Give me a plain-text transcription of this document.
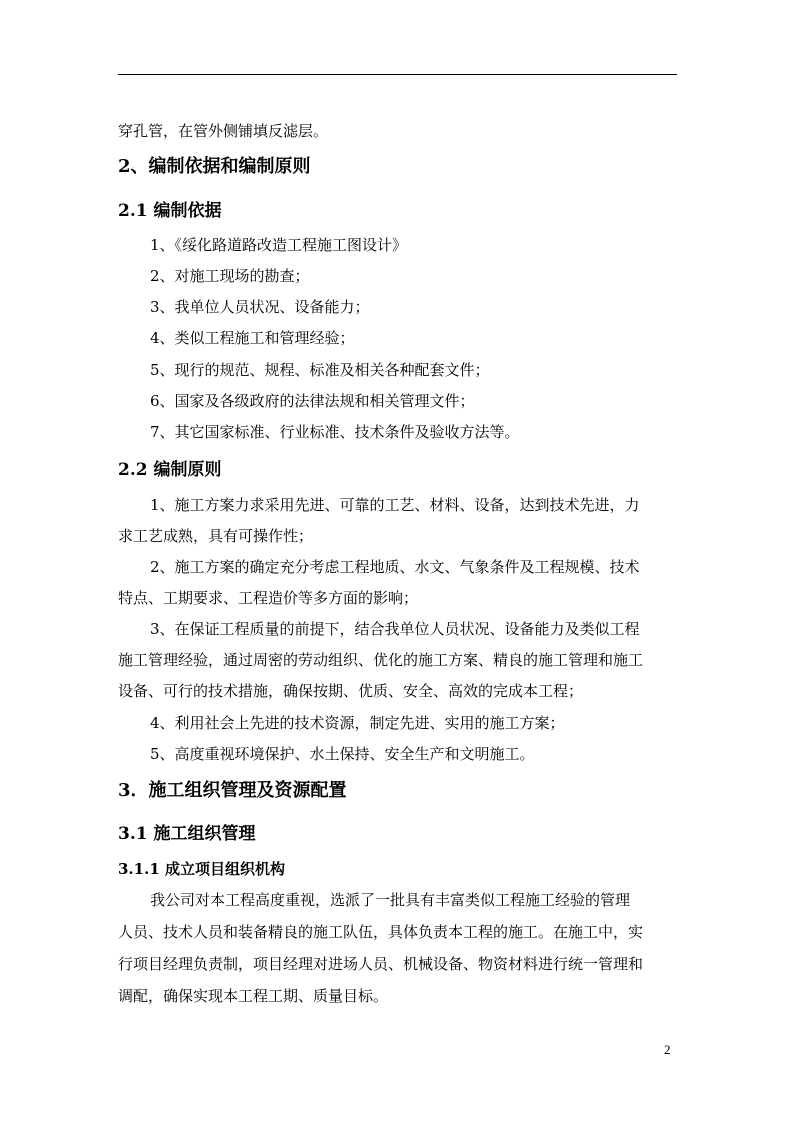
穿孔管，在管外侧铺填反滤层。
2、编制依据和编制原则
2.1 编制依据
1、《绥化路道路改造工程施工图设计》
2、对施工现场的勘查；
3、我单位人员状况、设备能力；
4、类似工程施工和管理经验；
5、现行的规范、规程、标准及相关各种配套文件；
6、国家及各级政府的法律法规和相关管理文件；
7、其它国家标准、行业标准、技术条件及验收方法等。
2.2 编制原则
1、施工方案力求采用先进、可靠的工艺、材料、设备，达到技术先进，力
求工艺成熟，具有可操作性；
2、施工方案的确定充分考虑工程地质、水文、气象条件及工程规模、技术
特点、工期要求、工程造价等多方面的影响；
3、在保证工程质量的前提下，结合我单位人员状况、设备能力及类似工程
施工管理经验，通过周密的劳动组织、优化的施工方案、精良的施工管理和施工
设备、可行的技术措施，确保按期、优质、安全、高效的完成本工程；
4、利用社会上先进的技术资源，制定先进、实用的施工方案；
5、高度重视环境保护、水土保持、安全生产和文明施工。
3．施工组织管理及资源配置
3.1 施工组织管理
3.1.1 成立项目组织机构
我公司对本工程高度重视，选派了一批具有丰富类似工程施工经验的管理
人员、技术人员和装备精良的施工队伍，具体负责本工程的施工。在施工中，实
行项目经理负责制，项目经理对进场人员、机械设备、物资材料进行统一管理和
调配，确保实现本工程工期、质量目标。
2
